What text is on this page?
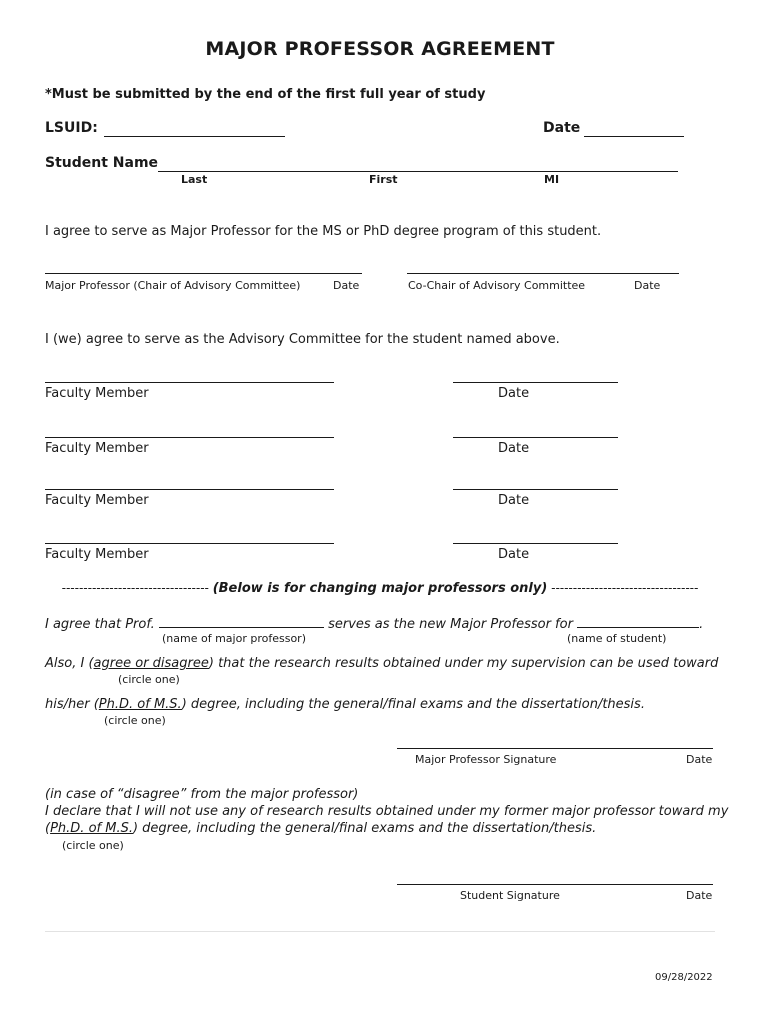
MAJOR PROFESSOR AGREEMENT
*Must be submitted by the end of the first full year of study
LSUID:	Date
Student Name
Last	First	MI
I agree to serve as Major Professor for the MS or PhD degree program of this student.
Major Professor (Chair of Advisory Committee)	Date	Co-Chair of Advisory Committee	Date
I (we) agree to serve as the Advisory Committee for the student named above.
Faculty Member	Date
Faculty Member	Date
Faculty Member	Date
Faculty Member	Date
---------------------------------- (Below is for changing major professors only) ----------------------------------
I agree that Prof.	serves as the new Major Professor for	.
(name of major professor)	(name of student)
Also, I (agree or disagree) that the research results obtained under my supervision can be used toward
(circle one)
his/her (Ph.D. of M.S.) degree, including the general/final exams and the dissertation/thesis.
(circle one)
Major Professor Signature	Date
(in case of “disagree” from the major professor)
I declare that I will not use any of research results obtained under my former major professor toward my
(Ph.D. of M.S.) degree, including the general/final exams and the dissertation/thesis.
(circle one)
Student Signature	Date
09/28/2022
